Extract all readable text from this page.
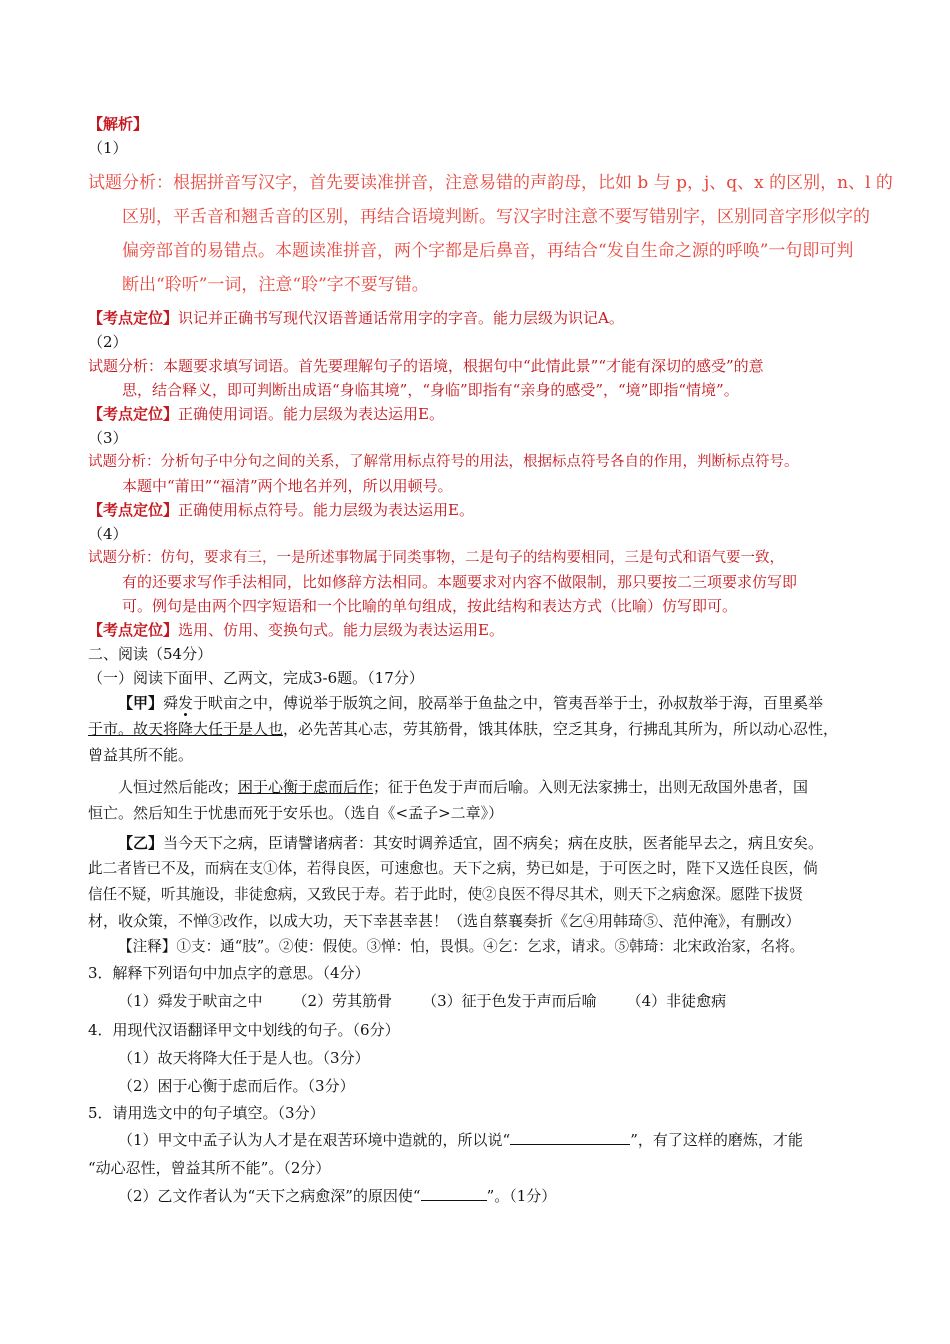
【解析】
（1）
试题分析：根据拼音写汉字，首先要读准拼音，注意易错的声韵母，比如 b 与 p，j、q、x 的区别，n、l 的
区别，平舌音和翘舌音的区别，再结合语境判断。写汉字时注意不要写错别字，区别同音字形似字的
偏旁部首的易错点。本题读准拼音，两个字都是后鼻音，再结合“发自生命之源的呼唤”一句即可判
断出“聆听”一词，注意“聆”字不要写错。
【考点定位】识记并正确书写现代汉语普通话常用字的字音。能力层级为识记A。
（2）
试题分析：本题要求填写词语。首先要理解句子的语境，根据句中“此情此景”“才能有深切的感受”的意
思，结合释义，即可判断出成语“身临其境”，“身临”即指有“亲身的感受”，“境”即指“情境”。
【考点定位】正确使用词语。能力层级为表达运用E。
（3）
试题分析：分析句子中分句之间的关系，了解常用标点符号的用法，根据标点符号各自的作用，判断标点符号。
本题中“莆田”“福清”两个地名并列，所以用顿号。
【考点定位】正确使用标点符号。能力层级为表达运用E。
（4）
试题分析：仿句，要求有三，一是所述事物属于同类事物，二是句子的结构要相同，三是句式和语气要一致，
有的还要求写作手法相同，比如修辞方法相同。本题要求对内容不做限制，那只要按二三项要求仿写即
可。例句是由两个四字短语和一个比喻的单句组成，按此结构和表达方式（比喻）仿写即可。
【考点定位】选用、仿用、变换句式。能力层级为表达运用E。
二、阅读（54分）
（一）阅读下面甲、乙两文，完成3-6题。（17分）
【甲】舜发于畎亩之中，傅说举于版筑之间，胶鬲举于鱼盐之中，管夷吾举于士，孙叔敖举于海，百里奚举
于市。故天将降大任于是人也，必先苦其心志，劳其筋骨，饿其体肤，空乏其身，行拂乱其所为，所以动心忍性，
曾益其所不能。
人恒过然后能改；困于心衡于虑而后作；征于色发于声而后喻。入则无法家拂士，出则无敌国外患者，国
恒亡。然后知生于忧患而死于安乐也。（选自《<孟子>二章》）
【乙】当今天下之病，臣请譬诸病者：其安时调养适宜，固不病矣；病在皮肤，医者能早去之，病且安矣。
此二者皆已不及，而病在支①体，若得良医，可速愈也。天下之病，势已如是，于可医之时，陛下又选任良医，倘
信任不疑，听其施设，非徒愈病，又致民于寿。若于此时，使②良医不得尽其术，则天下之病愈深。愿陛下拔贤
材，收众策，不惮③改作，以成大功，天下幸甚幸甚！（选自蔡襄奏折《乞④用韩琦⑤、范仲淹》，有删改）
【注释】①支：通“肢”。②使：假使。③惮：怕，畏惧。④乞：乞求，请求。⑤韩琦：北宋政治家，名将。
3．解释下列语句中加点字的意思。（4分）
（1）舜发于畎亩之中 （2）劳其筋骨 （3）征于色发于声而后喻 （4）非徒愈病
4．用现代汉语翻译甲文中划线的句子。（6分）
（1）故天将降大任于是人也。（3分）
（2）困于心衡于虑而后作。（3分）
5．请用选文中的句子填空。（3分）
（1）甲文中孟子认为人才是在艰苦环境中造就的，所以说“	”，有了这样的磨炼，才能
“动心忍性，曾益其所不能”。（2分）
（2）乙文作者认为“天下之病愈深”的原因使“	”。（1分）
